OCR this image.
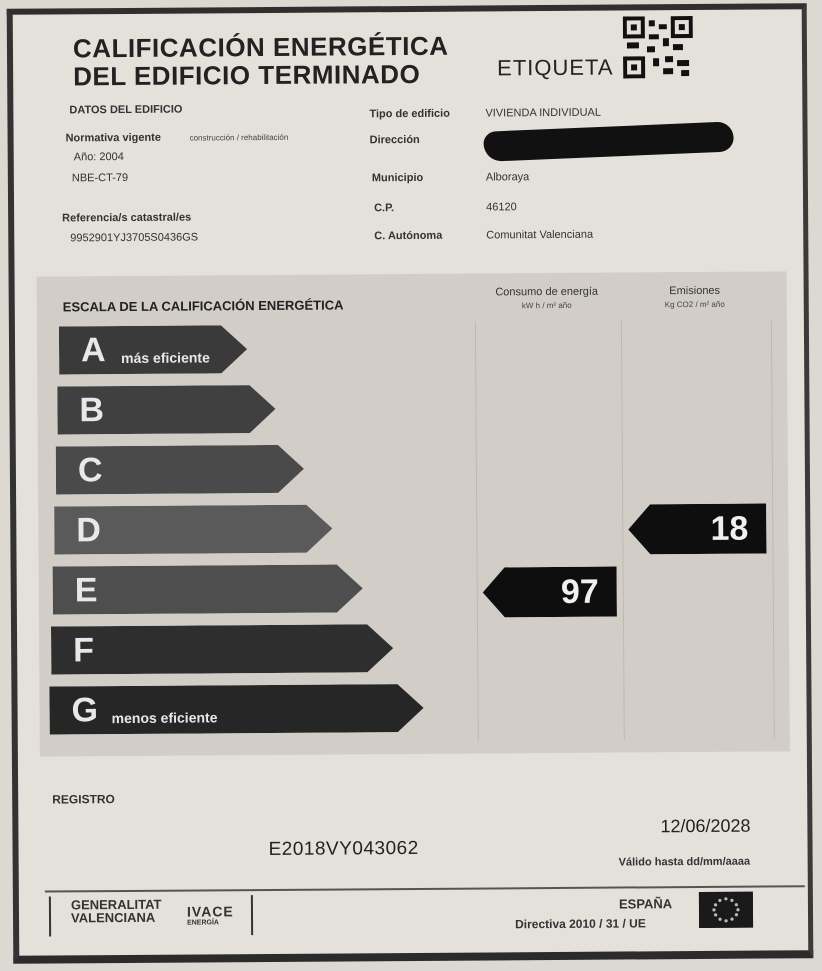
CALIFICACIÓN ENERGÉTICA
DEL EDIFICIO TERMINADO	ETIQUETA
DATOS DEL EDIFICIO
Normativa vigente	construcción / rehabilitación
Año: 2004
NBE-CT-79
Referencia/s catastral/es
9952901YJ3705S0436GS
Tipo de edificio	VIVIENDA INDIVIDUAL
Dirección
Municipio	Alboraya
C.P.	46120
C. Autónoma	Comunitat Valenciana
ESCALA DE LA CALIFICACIÓN ENERGÉTICA
Consumo de energía
kW h / m² año
Emisiones
Kg CO2 / m² año
A más eficiente
B
C
D
E
F
G menos eficiente
97
18
REGISTRO
E2018VY043062
12/06/2028
Válido hasta dd/mm/aaaa
GENERALITAT
VALENCIANA	IVACE
ENERGÍA
ESPAÑA
Directiva 2010 / 31 / UE
